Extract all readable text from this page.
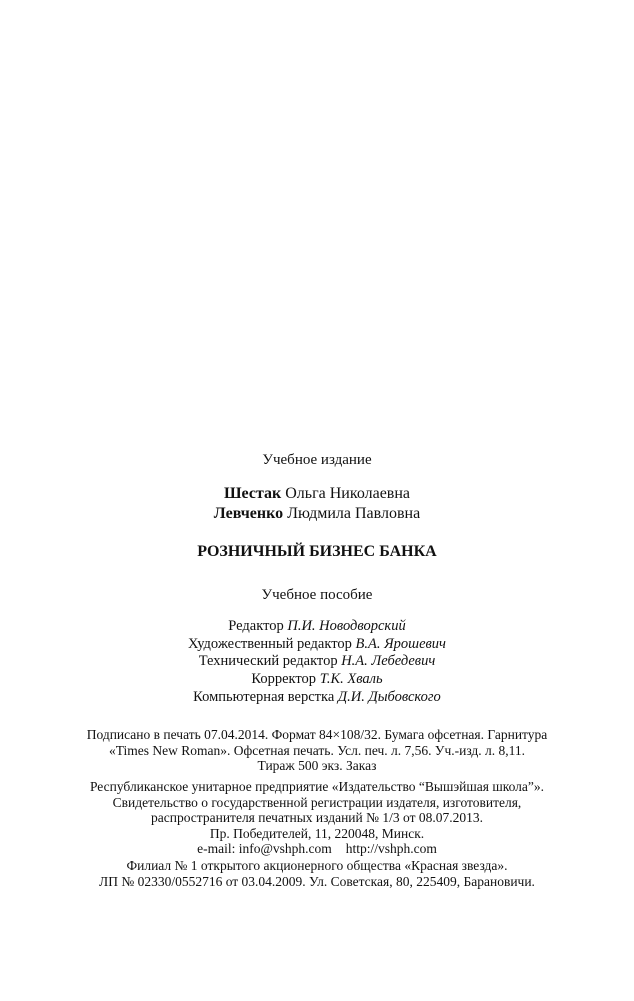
Учебное издание
Шестак Ольга Николаевна
Левченко Людмила Павловна
РОЗНИЧНЫЙ БИЗНЕС БАНКА
Учебное пособие
Редактор П.И. Новодворский
Художественный редактор В.А. Ярошевич
Технический редактор Н.А. Лебедевич
Корректор Т.К. Хваль
Компьютерная верстка Д.И. Дыбовского
Подписано в печать 07.04.2014. Формат 84×108/32. Бумага офсетная. Гарнитура
«Times New Roman». Офсетная печать. Усл. печ. л. 7,56. Уч.-изд. л. 8,11.
Тираж 500 экз. Заказ
Республиканское унитарное предприятие «Издательство “Вышэйшая школа”».
Свидетельство о государственной регистрации издателя, изготовителя,
распространителя печатных изданий № 1/3 от 08.07.2013.
Пр. Победителей, 11, 220048, Минск.
e-mail: info@vshph.com http://vshph.com
Филиал № 1 открытого акционерного общества «Красная звезда».
ЛП № 02330/0552716 от 03.04.2009. Ул. Советская, 80, 225409, Барановичи.
